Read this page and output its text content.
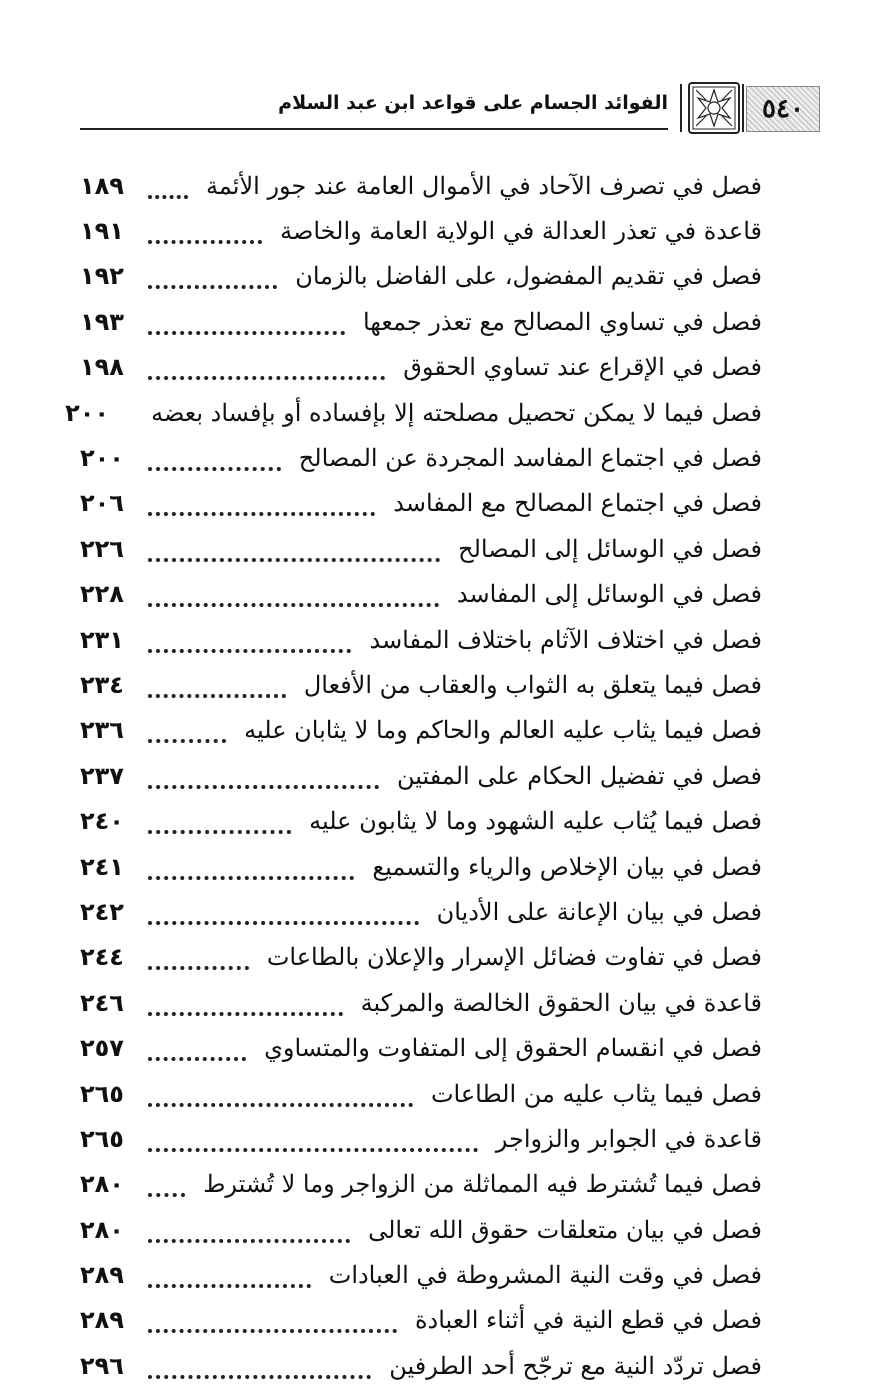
٥٤٠
الفوائد الجسام على قواعد ابن عبد السلام
فصل في تصرف الآحاد في الأموال العامة عند جور الأئمة
١٨٩
قاعدة في تعذر العدالة في الولاية العامة والخاصة
١٩١
فصل في تقديم المفضول، على الفاضل بالزمان
١٩٢
فصل في تساوي المصالح مع تعذر جمعها
١٩٣
فصل في الإقراع عند تساوي الحقوق
١٩٨
فصل فيما لا يمكن تحصيل مصلحته إلا بإفساده أو بإفساد بعضه
٢٠٠
فصل في اجتماع المفاسد المجردة عن المصالح
٢٠٠
فصل في اجتماع المصالح مع المفاسد
٢٠٦
فصل في الوسائل إلى المصالح
٢٢٦
فصل في الوسائل إلى المفاسد
٢٢٨
فصل في اختلاف الآثام باختلاف المفاسد
٢٣١
فصل فيما يتعلق به الثواب والعقاب من الأفعال
٢٣٤
فصل فيما يثاب عليه العالم والحاكم وما لا يثابان عليه
٢٣٦
فصل في تفضيل الحكام على المفتين
٢٣٧
فصل فيما يُثاب عليه الشهود وما لا يثابون عليه
٢٤٠
فصل في بيان الإخلاص والرياء والتسميع
٢٤١
فصل في بيان الإعانة على الأديان
٢٤٢
فصل في تفاوت فضائل الإسرار والإعلان بالطاعات
٢٤٤
قاعدة في بيان الحقوق الخالصة والمركبة
٢٤٦
فصل في انقسام الحقوق إلى المتفاوت والمتساوي
٢٥٧
فصل فيما يثاب عليه من الطاعات
٢٦٥
قاعدة في الجوابر والزواجر
٢٦٥
فصل فيما تُشترط فيه المماثلة من الزواجر وما لا تُشترط
٢٨٠
فصل في بيان متعلقات حقوق الله تعالى
٢٨٠
فصل في وقت النية المشروطة في العبادات
٢٨٩
فصل في قطع النية في أثناء العبادة
٢٨٩
فصل تردّد النية مع ترجّح أحد الطرفين
٢٩٦
